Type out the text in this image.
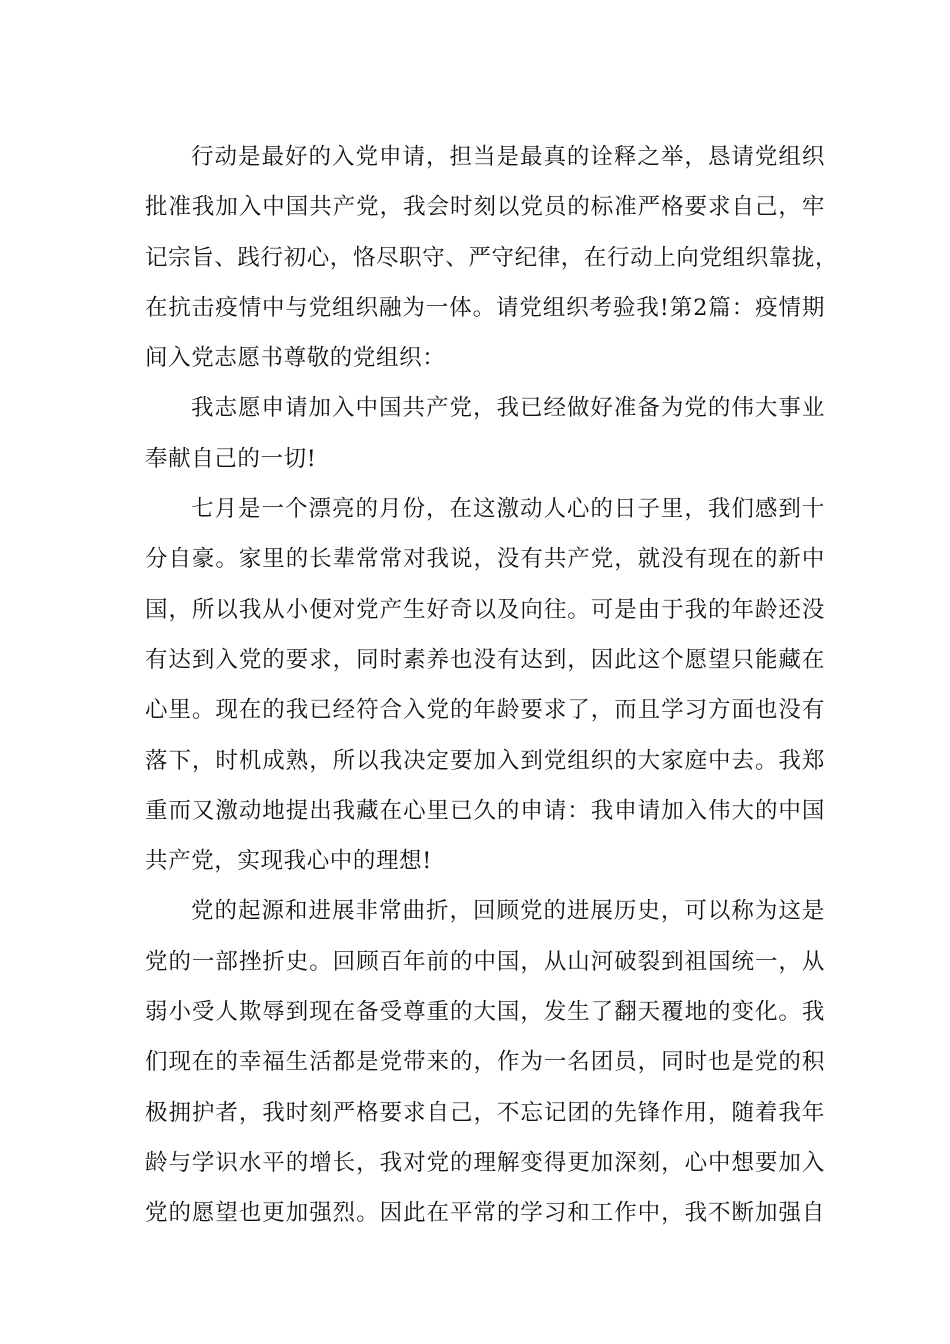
行动是最好的入党申请，担当是最真的诠释之举，恳请党组织
批准我加入中国共产党，我会时刻以党员的标准严格要求自己，牢
记宗旨、践行初心，恪尽职守、严守纪律，在行动上向党组织靠拢，
在抗击疫情中与党组织融为一体。请党组织考验我!第2篇：疫情期
间入党志愿书尊敬的党组织：
我志愿申请加入中国共产党，我已经做好准备为党的伟大事业
奉献自己的一切!
七月是一个漂亮的月份，在这激动人心的日子里，我们感到十
分自豪。家里的长辈常常对我说，没有共产党，就没有现在的新中
国，所以我从小便对党产生好奇以及向往。可是由于我的年龄还没
有达到入党的要求，同时素养也没有达到，因此这个愿望只能藏在
心里。现在的我已经符合入党的年龄要求了，而且学习方面也没有
落下，时机成熟，所以我决定要加入到党组织的大家庭中去。我郑
重而又激动地提出我藏在心里已久的申请：我申请加入伟大的中国
共产党，实现我心中的理想!
党的起源和进展非常曲折，回顾党的进展历史，可以称为这是
党的一部挫折史。回顾百年前的中国，从山河破裂到祖国统一，从
弱小受人欺辱到现在备受尊重的大国，发生了翻天覆地的变化。我
们现在的幸福生活都是党带来的，作为一名团员，同时也是党的积
极拥护者，我时刻严格要求自己，不忘记团的先锋作用，随着我年
龄与学识水平的增长，我对党的理解变得更加深刻，心中想要加入
党的愿望也更加强烈。因此在平常的学习和工作中，我不断加强自
